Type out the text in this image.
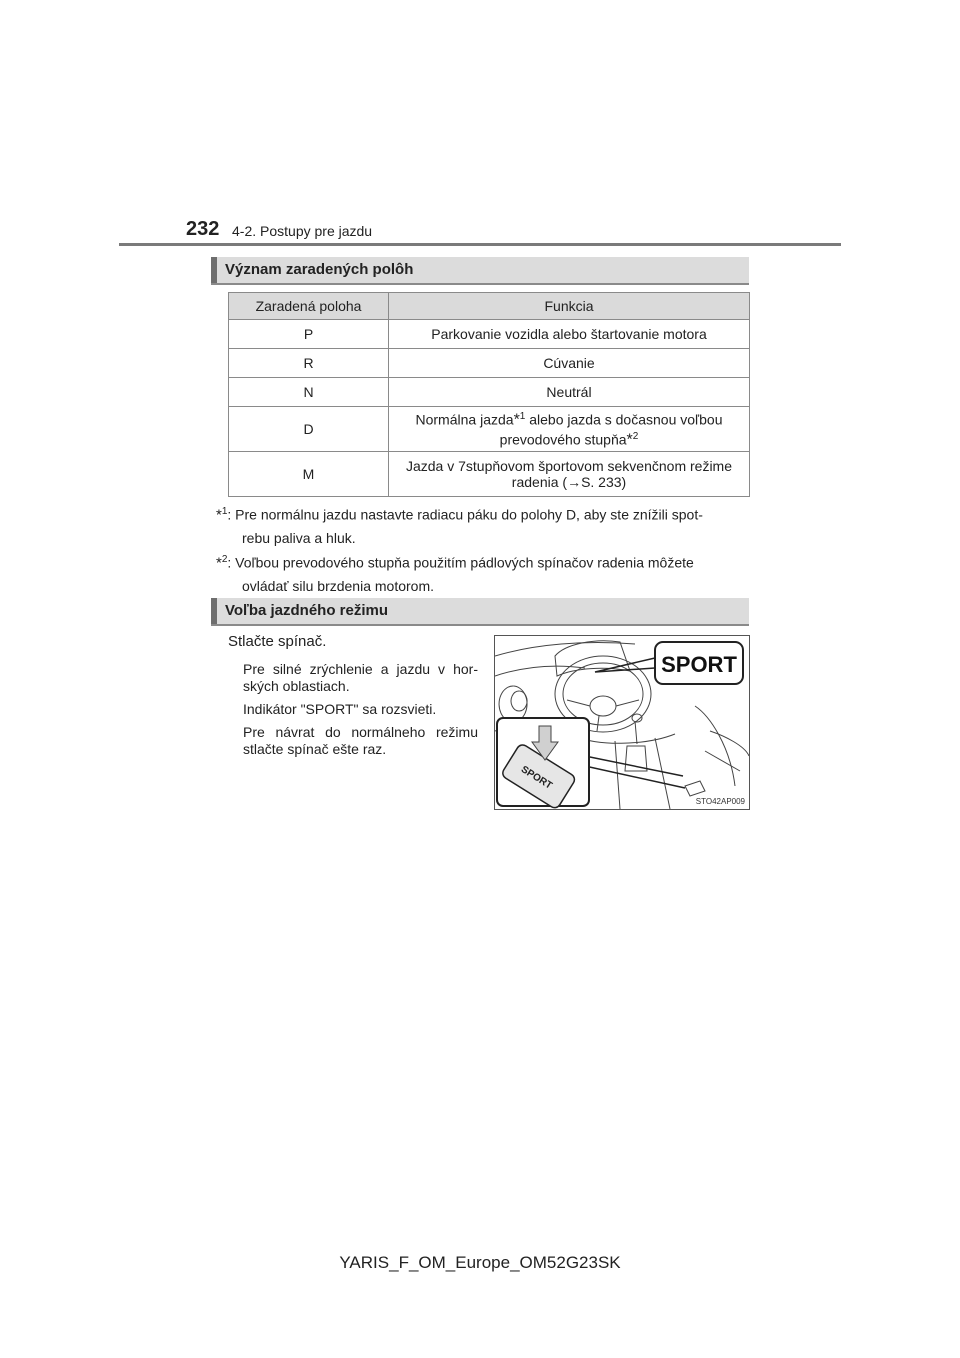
232 4-2. Postupy pre jazdu
Význam zaradených polôh
Zaradená poloha	Funkcia
P	Parkovanie vozidla alebo štartovanie motora
R	Cúvanie
N	Neutrál
D	Normálna jazda*$^1$ alebo jazda s dočasnou voľbou
prevodového stupňa*$^2$
M	Jazda v 7stupňovom športovom sekvenčnom režime
radenia (→S. 233)
*$^1$: Pre normálnu jazdu nastavte radiacu páku do polohy D, aby ste znížili spot-
rebu paliva a hluk.
*$^2$: Voľbou prevodového stupňa použitím pádlových spínačov radenia môžete
ovládať silu brzdenia motorom.
Voľba jazdného režimu
Stlačte spínač.
Pre silné zrýchlenie a jazdu v hor-ských oblastiach.
Indikátor "SPORT" sa rozsvieti.
Pre návrat do normálneho režimu stlačte spínač ešte raz.
SPORT
SPORT
STO42AP009
YARIS_F_OM_Europe_OM52G23SK
